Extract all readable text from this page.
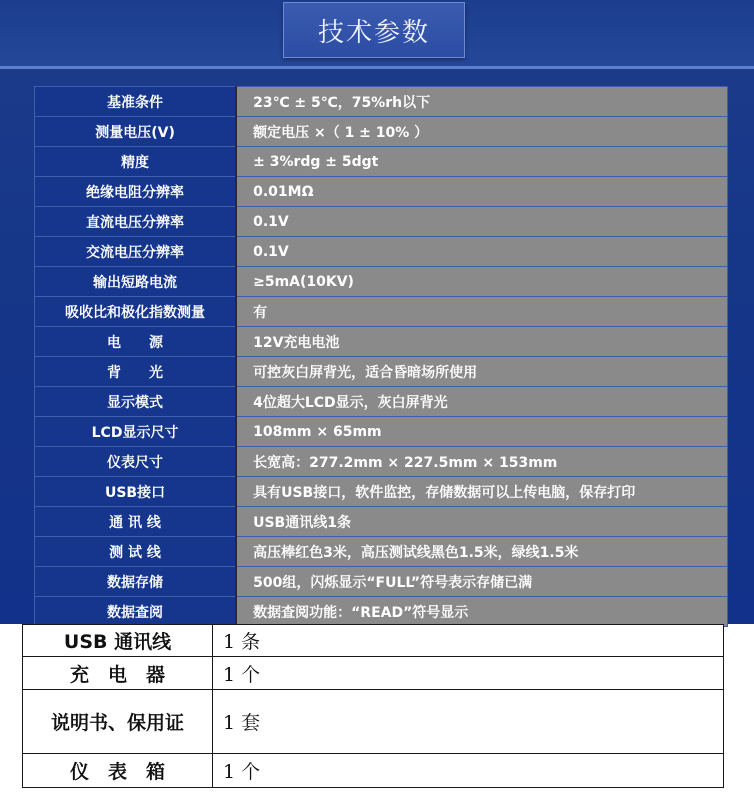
技术参数
基准条件	23℃ ± 5℃，75%rh以下
测量电压(V)	额定电压 ×（ 1 ± 10% ）
精度	± 3%rdg ± 5dgt
绝缘电阻分辨率	0.01MΩ
直流电压分辨率	0.1V
交流电压分辨率	0.1V
输出短路电流	≥5mA(10KV)
吸收比和极化指数测量	有
电　　源	12V充电电池
背　　光	可控灰白屏背光，适合昏暗场所使用
显示模式	4位超大LCD显示，灰白屏背光
LCD显示尺寸	108mm × 65mm
仪表尺寸	长宽高：277.2mm × 227.5mm × 153mm
USB接口	具有USB接口，软件监控，存储数据可以上传电脑，保存打印
通 讯 线	USB通讯线1条
测 试 线	高压棒红色3米，高压测试线黑色1.5米，绿线1.5米
数据存储	500组，闪烁显示“FULL”符号表示存储已满
数据查阅	数据查阅功能：“READ”符号显示
USB 通讯线	1 条
充　电　器	1 个
说明书、保用证	1 套
仪　表　箱	1 个
